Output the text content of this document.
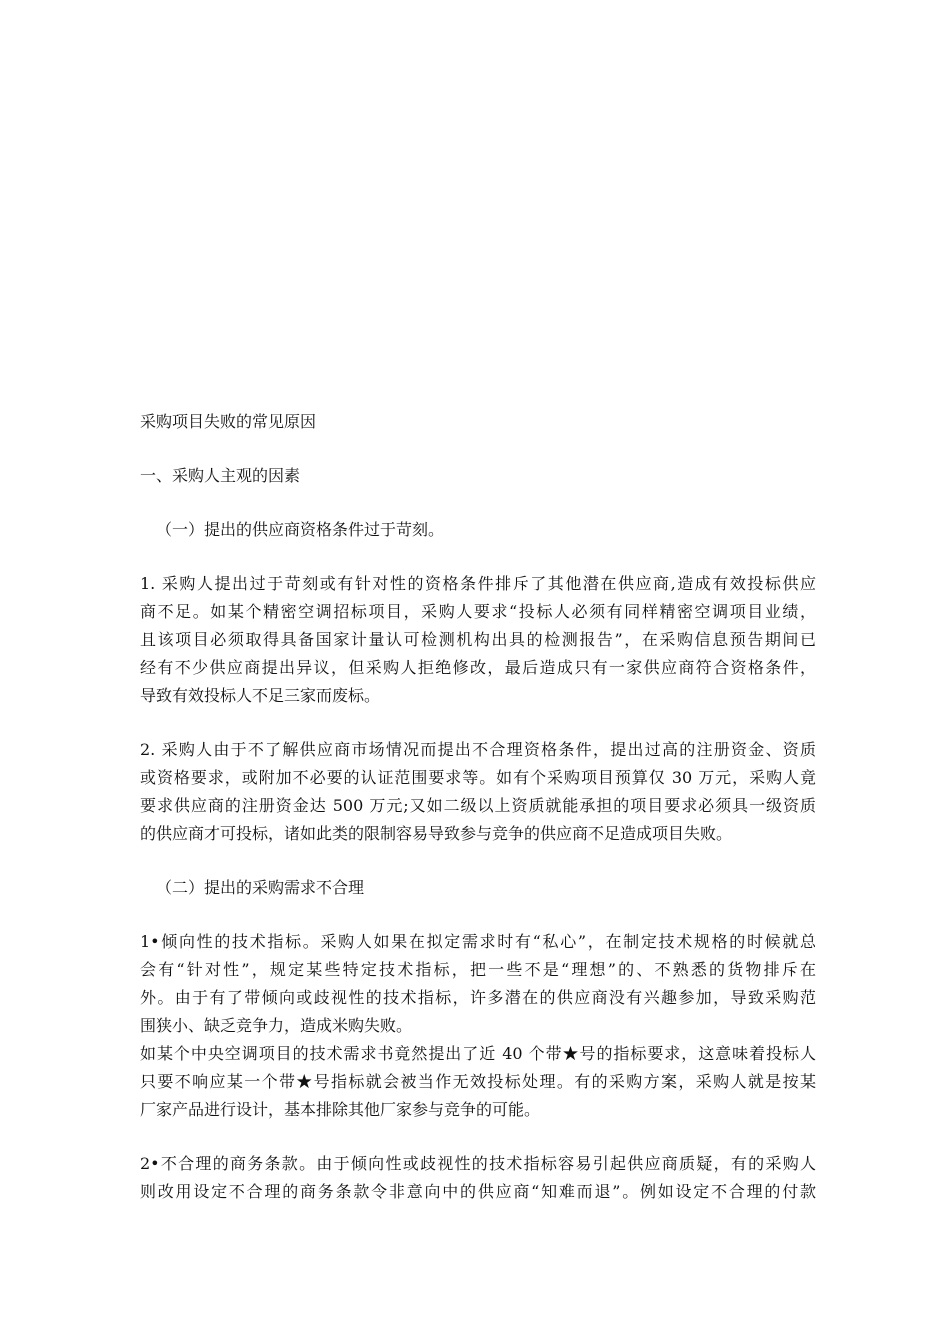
采购项目失败的常见原因
一、采购人主观的因素
（一）提出的供应商资格条件过于苛刻。
1. 采购人提出过于苛刻或有针对性的资格条件排斥了其他潜在供应商,造成有效投标供应
商不足。如某个精密空调招标项目，采购人要求“投标人必须有同样精密空调项目业绩，
且该项目必须取得具备国家计量认可检测机构出具的检测报告”，在采购信息预告期间已
经有不少供应商提出异议，但采购人拒绝修改，最后造成只有一家供应商符合资格条件，
导致有效投标人不足三家而废标。
2. 采购人由于不了解供应商市场情况而提出不合理资格条件，提出过高的注册资金、资质
或资格要求，或附加不必要的认证范围要求等。如有个采购项目预算仅 30 万元，采购人竟
要求供应商的注册资金达 500 万元;又如二级以上资质就能承担的项目要求必须具一级资质
的供应商才可投标，诸如此类的限制容易导致参与竞争的供应商不足造成项目失败。
（二）提出的采购需求不合理
1•倾向性的技术指标。采购人如果在拟定需求时有“私心”，在制定技术规格的时候就总
会有“针对性”，规定某些特定技术指标，把一些不是“理想”的、不熟悉的货物排斥在
外。由于有了带倾向或歧视性的技术指标，许多潜在的供应商没有兴趣参加，导致采购范
围狭小、缺乏竞争力，造成米购失败。
如某个中央空调项目的技术需求书竟然提出了近 40 个带★号的指标要求，这意味着投标人
只要不响应某一个带★号指标就会被当作无效投标处理。有的采购方案，采购人就是按某
厂家产品进行设计，基本排除其他厂家参与竞争的可能。
2•不合理的商务条款。由于倾向性或歧视性的技术指标容易引起供应商质疑，有的采购人
则改用设定不合理的商务条款令非意向中的供应商“知难而退”。例如设定不合理的付款
